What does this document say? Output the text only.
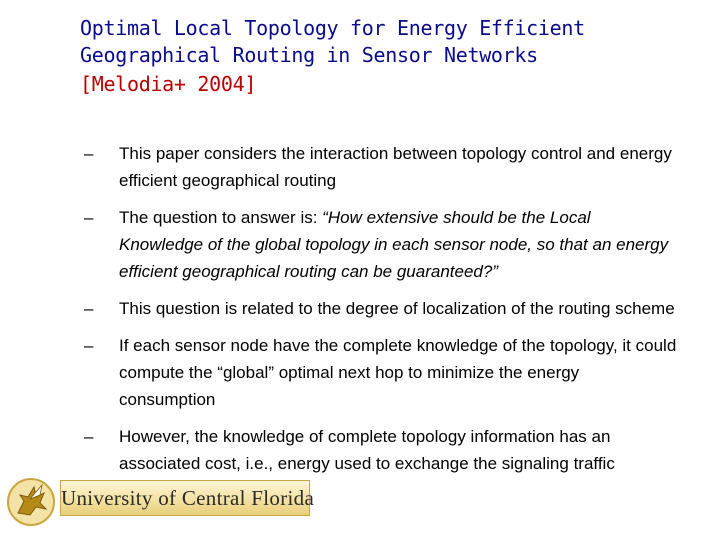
Optimal Local Topology for Energy Efficient
Geographical Routing in Sensor Networks
[Melodia+ 2004]
–	This paper considers the interaction between topology control and energy efficient geographical routing
–	The question to answer is: “How extensive should be the Local Knowledge of the global topology in each sensor node, so that an energy efficient geographical routing can be guaranteed?”
–	This question is related to the degree of localization of the routing scheme
–	If each sensor node have the complete knowledge of the topology, it could compute the “global” optimal next hop to minimize the energy consumption
–	However, the knowledge of complete topology information has an associated cost, i.e., energy used to exchange the signaling traffic
University of Central Florida
